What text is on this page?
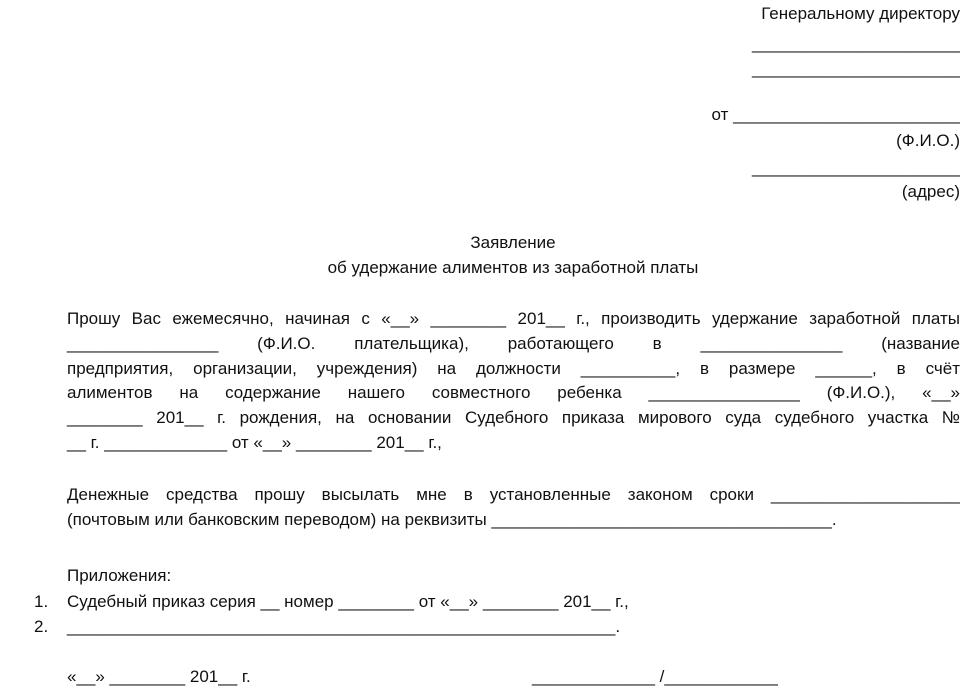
Генеральному директору
______________________
______________________
от ________________________
(Ф.И.О.)
______________________
(адрес)
Заявление
об удержание алиментов из заработной платы
Прошу Вас ежемесячно, начиная с «__» ________ 201__ г., производить удержание заработной платы
________________ (Ф.И.О. плательщика), работающего в _______________ (название
предприятия, организации, учреждения) на должности __________, в размере ______, в счёт
алиментов на содержание нашего совместного ребенка ________________ (Ф.И.О.), «__»
________ 201__ г. рождения, на основании Судебного приказа мирового суда судебного участка №
__ г. _____________ от «__» ________ 201__ г.,
Денежные средства прошу высылать мне в установленные законом сроки ____________________
(почтовым или банковским переводом) на реквизиты ____________________________________.
Приложения:
1. Судебный приказ серия __ номер ________ от «__» ________ 201__ г.,
2. __________________________________________________________.
«__» ________ 201__ г.	_____________ /____________
